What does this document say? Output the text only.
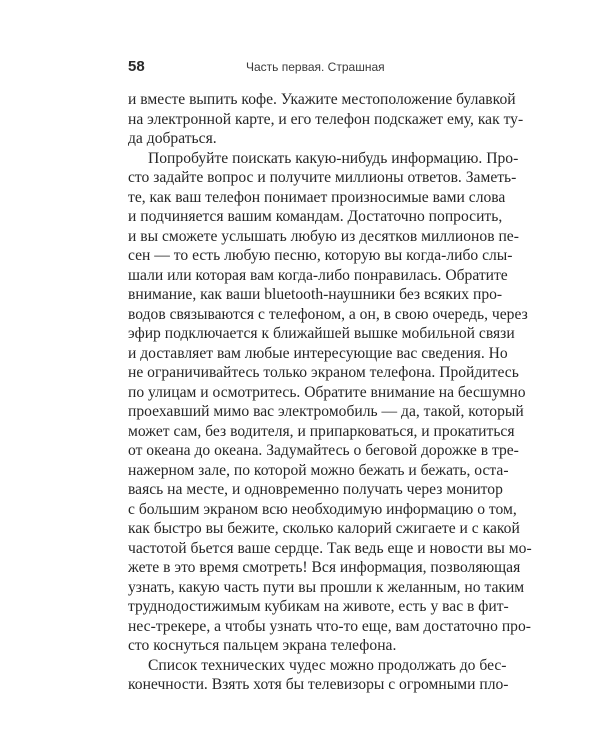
58	Часть первая. Страшная
и вместе выпить кофе. Укажите местоположение булавкой
на электронной карте, и его телефон подскажет ему, как ту-
да добраться.
Попробуйте поискать какую-нибудь информацию. Про-
сто задайте вопрос и получите миллионы ответов. Заметь-
те, как ваш телефон понимает произносимые вами слова
и подчиняется вашим командам. Достаточно попросить,
и вы сможете услышать любую из десятков миллионов пе-
сен — то есть любую песню, которую вы когда-либо слы-
шали или которая вам когда-либо понравилась. Обратите
внимание, как ваши bluetooth-наушники без всяких про-
водов связываются с телефоном, а он, в свою очередь, через
эфир подключается к ближайшей вышке мобильной связи
и доставляет вам любые интересующие вас сведения. Но
не ограничивайтесь только экраном телефона. Пройдитесь
по улицам и осмотритесь. Обратите внимание на бесшумно
проехавший мимо вас электромобиль — да, такой, который
может сам, без водителя, и припарковаться, и прокатиться
от океана до океана. Задумайтесь о беговой дорожке в тре-
нажерном зале, по которой можно бежать и бежать, оста-
ваясь на месте, и одновременно получать через монитор
с большим экраном всю необходимую информацию о том,
как быстро вы бежите, сколько калорий сжигаете и с какой
частотой бьется ваше сердце. Так ведь еще и новости вы мо-
жете в это время смотреть! Вся информация, позволяющая
узнать, какую часть пути вы прошли к желанным, но таким
труднодостижимым кубикам на животе, есть у вас в фит-
нес-трекере, а чтобы узнать что-то еще, вам достаточно про-
сто коснуться пальцем экрана телефона.
Список технических чудес можно продолжать до бес-
конечности. Взять хотя бы телевизоры с огромными пло-
